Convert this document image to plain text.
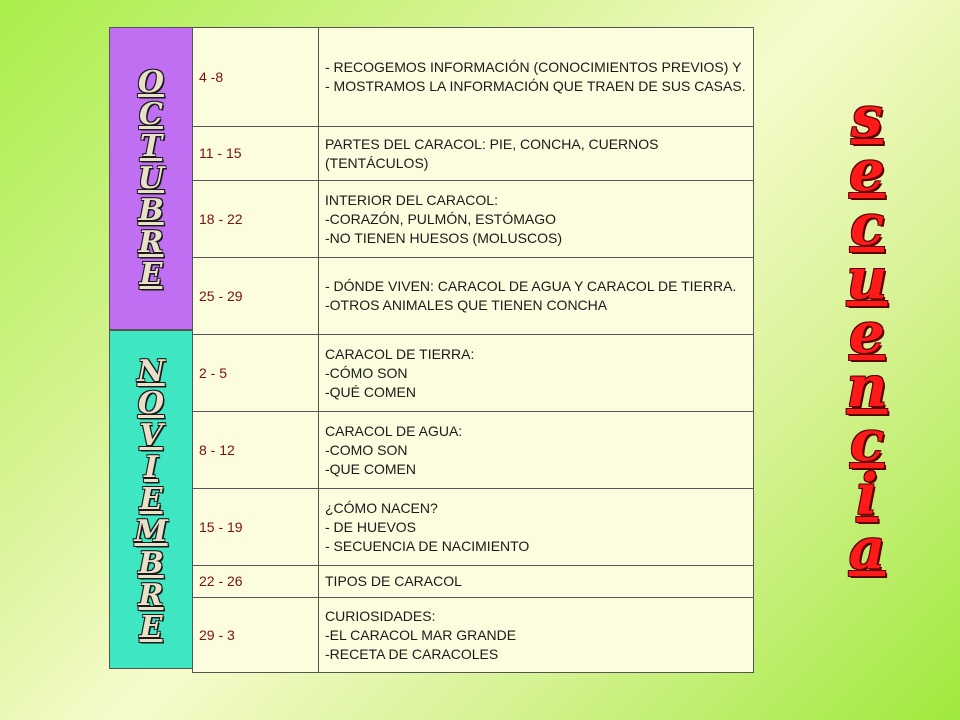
O
C
T
U
B
R
E
N
O
V
I
E
M
B
R
E
4 -8	- RECOGEMOS INFORMACIÓN (CONOCIMIENTOS PREVIOS) Y
- MOSTRAMOS LA INFORMACIÓN QUE TRAEN DE SUS CASAS.

11 - 15	PARTES DEL CARACOL: PIE, CONCHA, CUERNOS (TENTÁCULOS)

18 - 22	INTERIOR DEL CARACOL:
-CORAZÓN, PULMÓN, ESTÓMAGO
-NO TIENEN HUESOS (MOLUSCOS)

25 - 29	- DÓNDE VIVEN: CARACOL DE AGUA Y CARACOL DE TIERRA.
-OTROS ANIMALES QUE TIENEN CONCHA

2 - 5	CARACOL DE TIERRA:
-CÓMO SON
-QUÉ COMEN

8 - 12	CARACOL DE AGUA:
-COMO SON
-QUE COMEN

15 - 19	¿CÓMO NACEN?
- DE HUEVOS
- SECUENCIA DE NACIMIENTO

22 - 26	TIPOS DE CARACOL

29 - 3	CURIOSIDADES:
-EL CARACOL MAR GRANDE
-RECETA DE CARACOLES
s
e
c
u
e
n
c
i
a
